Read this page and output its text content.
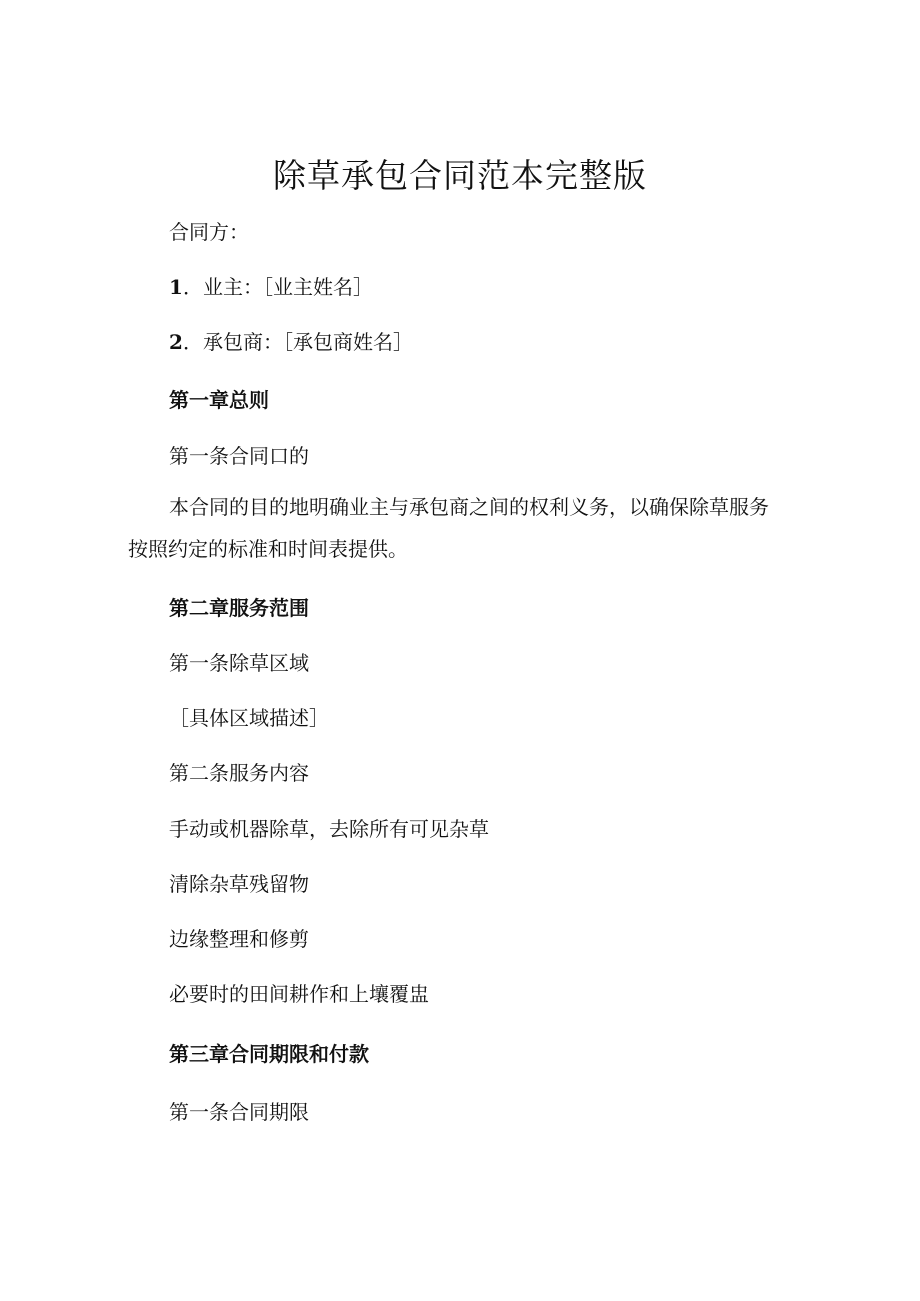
除草承包合同范本完整版
合同方：
1．业主：［业主姓名］
2．承包商：［承包商姓名］
第一章总则
第一条合同口的
本合同的目的地明确业主与承包商之间的权利义务，以确保除草服务按照约定的标准和时间表提供。
第二章服务范围
第一条除草区域
［具体区域描述］
第二条服务内容
手动或机器除草，去除所有可见杂草
清除杂草残留物
边缘整理和修剪
必要时的田间耕作和上壤覆盅
第三章合同期限和付款
第一条合同期限
